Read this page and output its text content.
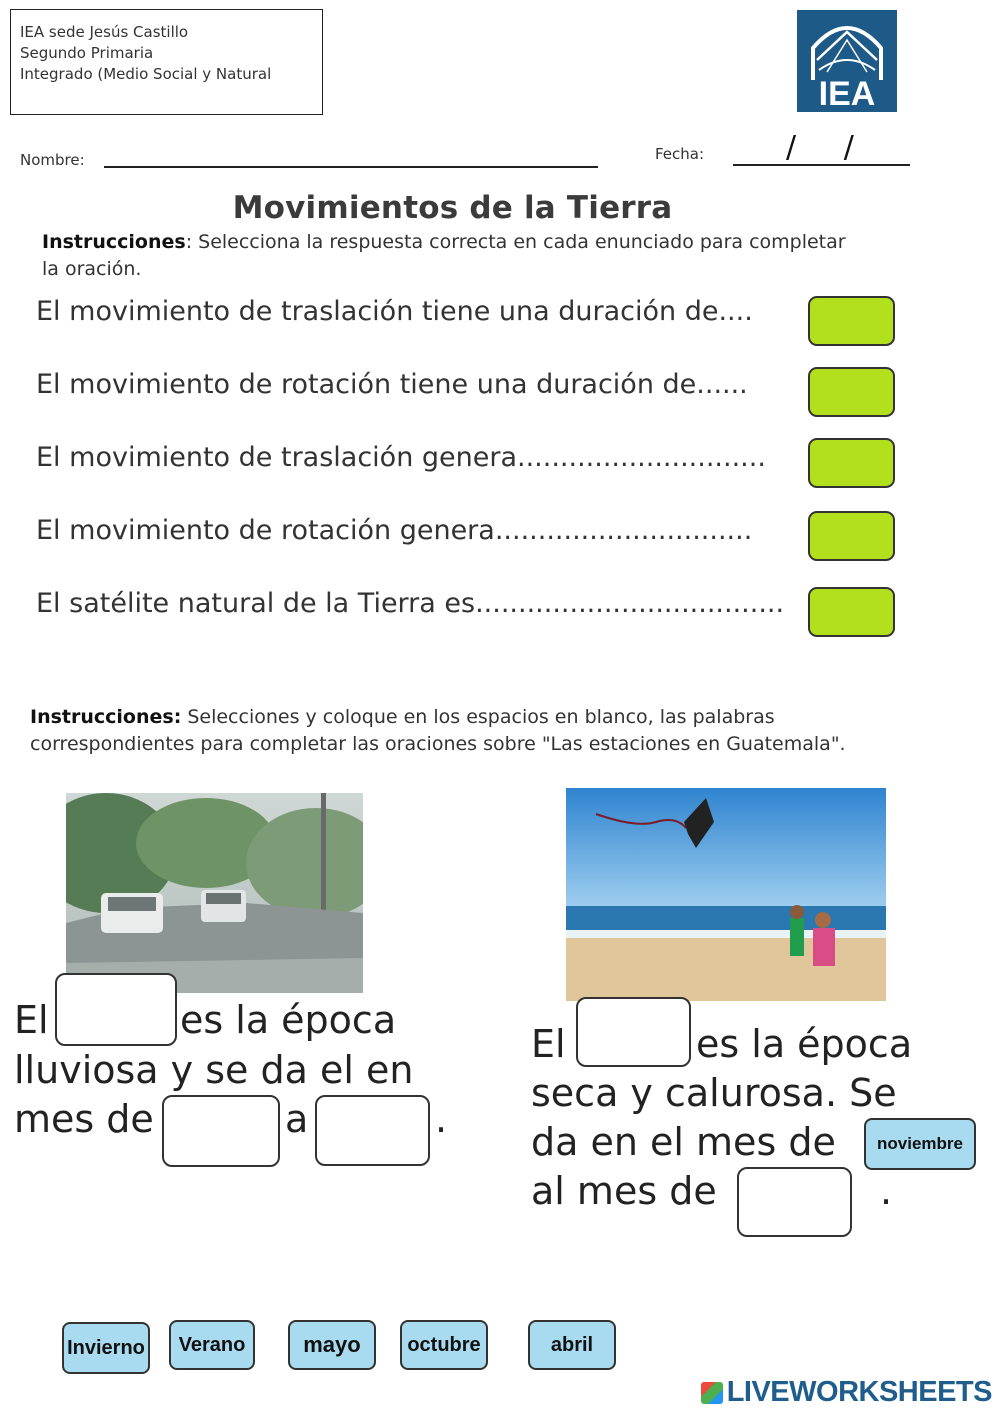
IEA sede Jesús Castillo
Segundo Primaria
Integrado (Medio Social y Natural
IEA
Nombre:	Fecha:	/     /
Movimientos de la Tierra
Instrucciones: Selecciona la respuesta correcta en cada enunciado para completar la oración.
El movimiento de traslación tiene una duración de....
El movimiento de rotación tiene una duración de......
El movimiento de traslación genera.............................
El movimiento de rotación genera..............................
El satélite natural de la Tierra es....................................
Instrucciones: Selecciones y coloque en los espacios en blanco, las palabras correspondientes para completar las oraciones sobre "Las estaciones en Guatemala".
El	es la época
lluviosa y se da el en
mes de	a	.
El	es la época
seca y calurosa. Se
da en el mes de	noviembre
al mes de	.
Invierno	Verano	mayo	octubre	abril
LIVEWORKSHEETS
